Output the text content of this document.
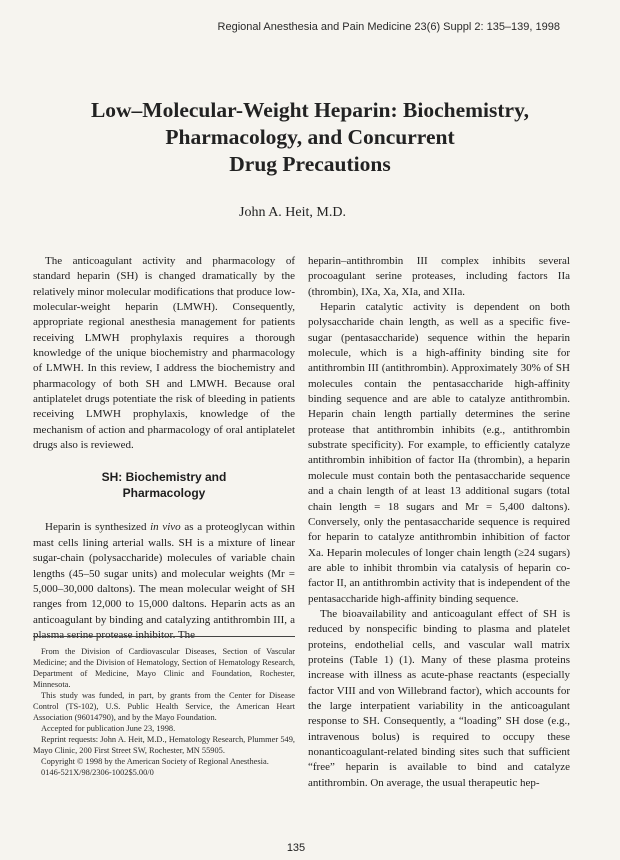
Regional Anesthesia and Pain Medicine 23(6) Suppl 2: 135–139, 1998
Low–Molecular-Weight Heparin: Biochemistry,
Pharmacology, and Concurrent
Drug Precautions
John A. Heit, M.D.

The anticoagulant activity and pharmacology of standard heparin (SH) is changed dramatically by the relatively minor molecular modifications that produce low-molecular-weight heparin (LMWH). Consequently, appropriate regional anesthesia management for patients receiving LMWH prophylaxis requires a thorough knowledge of the unique biochemistry and pharmacology of LMWH. In this review, I address the biochemistry and pharmacology of both SH and LMWH. Because oral antiplatelet drugs potentiate the risk of bleeding in patients receiving LMWH prophylaxis, knowledge of the mechanism of action and pharmacology of oral antiplatelet drugs also is reviewed.

SH: Biochemistry and
Pharmacology

Heparin is synthesized in vivo as a proteoglycan within mast cells lining arterial walls. SH is a mixture of linear sugar-chain (polysaccharide) molecules of variable chain lengths (45–50 sugar units) and molecular weights (Mr = 5,000–30,000 daltons). The mean molecular weight of SH ranges from 12,000 to 15,000 daltons. Heparin acts as an anticoagulant by binding and catalyzing antithrombin III, a plasma serine protease inhibitor. The

From the Division of Cardiovascular Diseases, Section of Vascular Medicine; and the Division of Hematology, Section of Hematology Research, Department of Medicine, Mayo Clinic and Foundation, Rochester, Minnesota.

This study was funded, in part, by grants from the Center for Disease Control (TS-102), U.S. Public Health Service, the American Heart Association (96014790), and by the Mayo Foundation.

Accepted for publication June 23, 1998.

Reprint requests: John A. Heit, M.D., Hematology Research, Plummer 549, Mayo Clinic, 200 First Street SW, Rochester, MN 55905.

Copyright © 1998 by the American Society of Regional Anesthesia.

0146-521X/98/2306-1002$5.00/0

heparin–antithrombin III complex inhibits several procoagulant serine proteases, including factors IIa (thrombin), IXa, Xa, XIa, and XIIa.

Heparin catalytic activity is dependent on both polysaccharide chain length, as well as a specific five-sugar (pentasaccharide) sequence within the heparin molecule, which is a high-affinity binding site for antithrombin III (antithrombin). Approximately 30% of SH molecules contain the pentasaccharide high-affinity binding sequence and are able to catalyze antithrombin. Heparin chain length partially determines the serine protease that antithrombin inhibits (e.g., antithrombin substrate specificity). For example, to efficiently catalyze antithrombin inhibition of factor IIa (thrombin), a heparin molecule must contain both the pentasaccharide sequence and a chain length of at least 13 additional sugars (total chain length = 18 sugars and Mr = 5,400 daltons). Conversely, only the pentasaccharide sequence is required for heparin to catalyze antithrombin inhibition of factor Xa. Heparin molecules of longer chain length (≥24 sugars) are able to inhibit thrombin via catalysis of heparin co-factor II, an antithrombin activity that is independent of the pentasaccharide high-affinity binding sequence.

The bioavailability and anticoagulant effect of SH is reduced by nonspecific binding to plasma and platelet proteins, endothelial cells, and vascular wall matrix proteins (Table 1) (1). Many of these plasma proteins increase with illness as acute-phase reactants (especially factor VIII and von Willebrand factor), which accounts for the large interpatient variability in the anticoagulant response to SH. Consequently, a “loading” SH dose (e.g., intravenous bolus) is required to occupy these nonanticoagulant-related binding sites such that sufficient “free” heparin is available to bind and catalyze antithrombin. On average, the usual therapeutic hep-

135
